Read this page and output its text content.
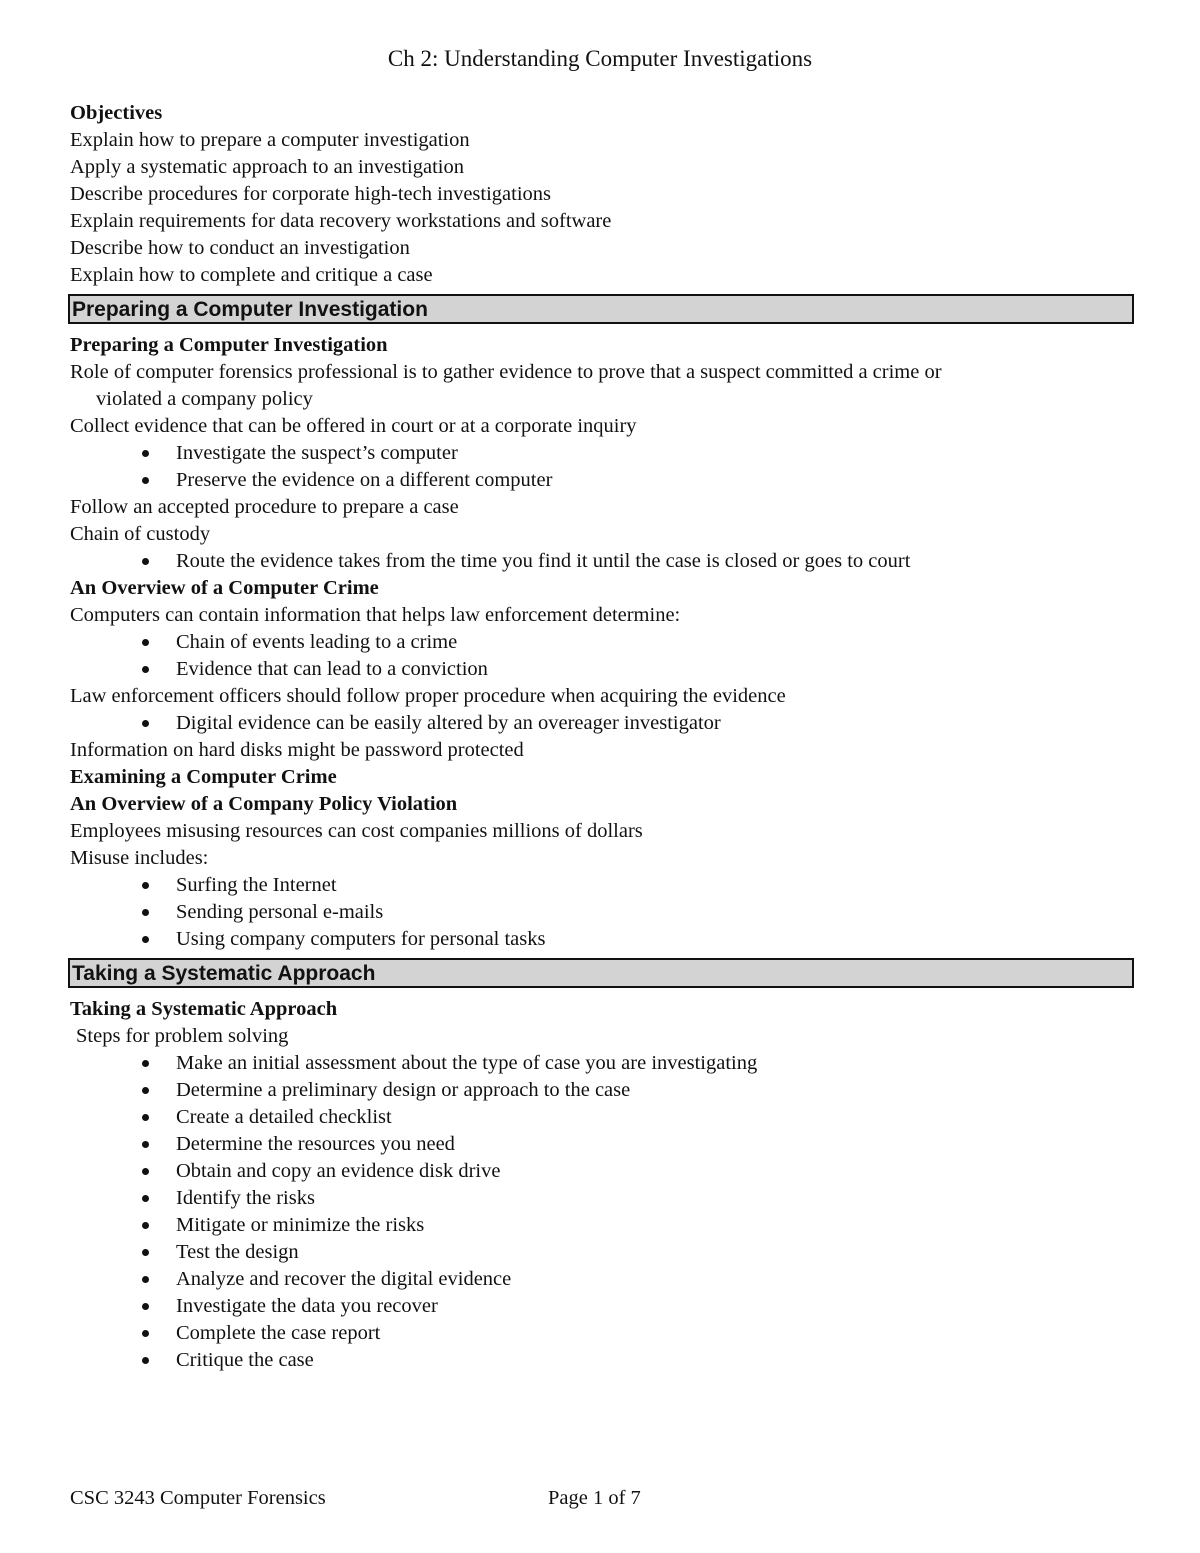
Ch 2: Understanding Computer Investigations
Objectives
Explain how to prepare a computer investigation
Apply a systematic approach to an investigation
Describe procedures for corporate high-tech investigations
Explain requirements for data recovery workstations and software
Describe how to conduct an investigation
Explain how to complete and critique a case
Preparing a Computer Investigation
Preparing a Computer Investigation
Role of computer forensics professional is to gather evidence to prove that a suspect committed a crime or
violated a company policy
Collect evidence that can be offered in court or at a corporate inquiry
Investigate the suspect’s computer
Preserve the evidence on a different computer
Follow an accepted procedure to prepare a case
Chain of custody
Route the evidence takes from the time you find it until the case is closed or goes to court
An Overview of a Computer Crime
Computers can contain information that helps law enforcement determine:
Chain of events leading to a crime
Evidence that can lead to a conviction
Law enforcement officers should follow proper procedure when acquiring the evidence
Digital evidence can be easily altered by an overeager investigator
Information on hard disks might be password protected
Examining a Computer Crime
An Overview of a Company Policy Violation
Employees misusing resources can cost companies millions of dollars
Misuse includes:
Surfing the Internet
Sending personal e-mails
Using company computers for personal tasks
Taking a Systematic Approach
Taking a Systematic Approach
Steps for problem solving
Make an initial assessment about the type of case you are investigating
Determine a preliminary design or approach to the case
Create a detailed checklist
Determine the resources you need
Obtain and copy an evidence disk drive
Identify the risks
Mitigate or minimize the risks
Test the design
Analyze and recover the digital evidence
Investigate the data you recover
Complete the case report
Critique the case

CSC 3243 Computer Forensics	Page 1 of 7
